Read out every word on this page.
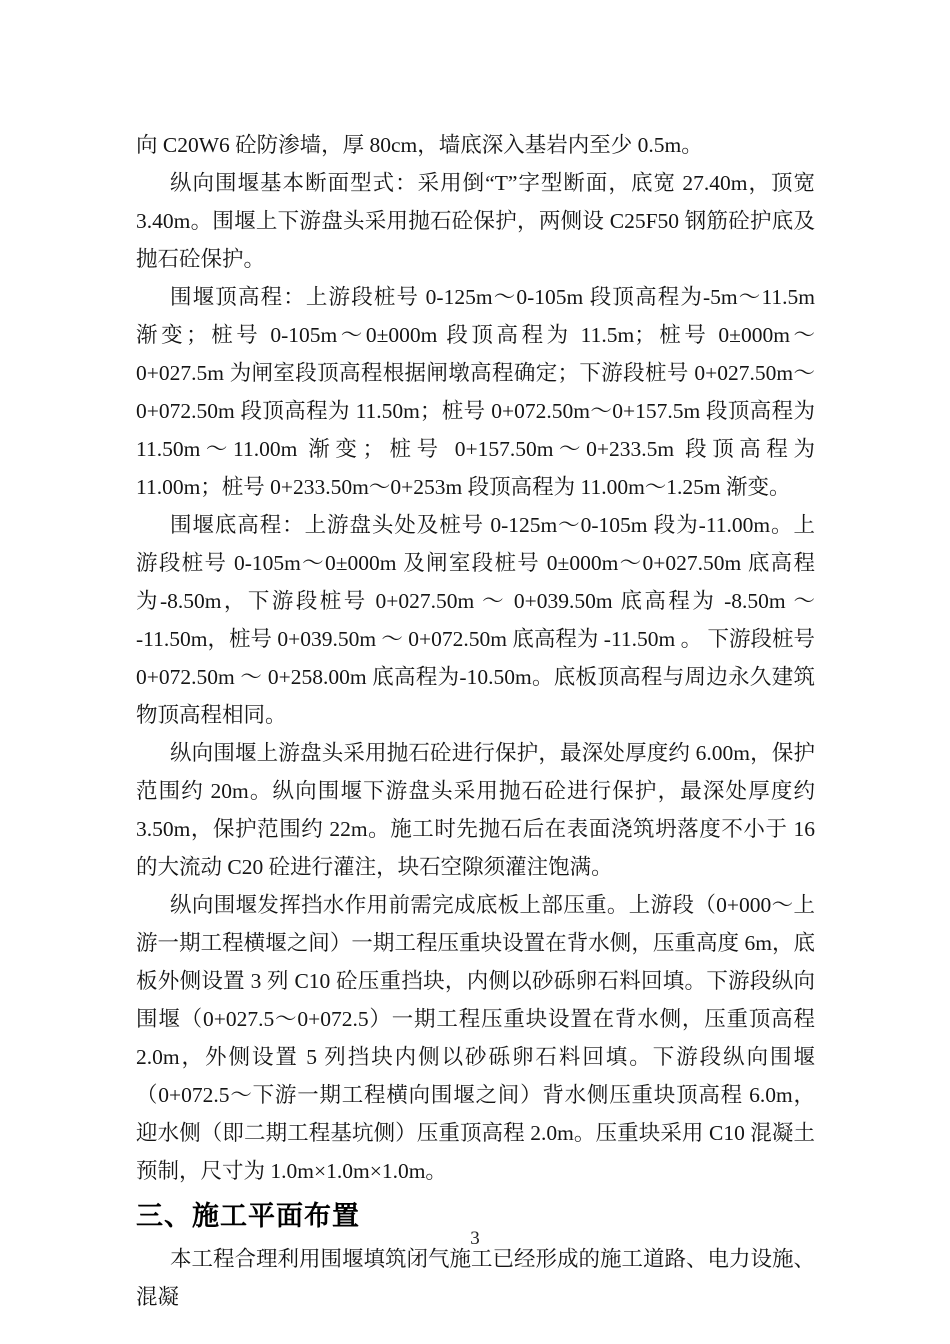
向 C20W6 砼防渗墙，厚 80cm，墙底深入基岩内至少 0.5m。

纵向围堰基本断面型式：采用倒“T”字型断面，底宽 27.40m，顶宽 3.40m。围堰上下游盘头采用抛石砼保护，两侧设 C25F50 钢筋砼护底及抛石砼保护。

围堰顶高程：上游段桩号 0-125m～0-105m 段顶高程为-5m～11.5m 渐变；桩号 0-105m～0±000m 段顶高程为 11.5m；桩号 0±000m～0+027.5m 为闸室段顶高程根据闸墩高程确定；下游段桩号 0+027.50m～0+072.50m 段顶高程为 11.50m；桩号 0+072.50m～0+157.5m 段顶高程为 11.50m～11.00m 渐变；桩号 0+157.50m～0+233.5m 段顶高程为 11.00m；桩号 0+233.50m～0+253m 段顶高程为 11.00m～1.25m 渐变。

围堰底高程：上游盘头处及桩号 0-125m～0-105m 段为-11.00m。上游段桩号 0-105m～0±000m 及闸室段桩号 0±000m～0+027.50m 底高程为-8.50m，下游段桩号 0+027.50m ～ 0+039.50m 底高程为 -8.50m ～ -11.50m，桩号 0+039.50m ～ 0+072.50m 底高程为 -11.50m 。 下游段桩号 0+072.50m ～ 0+258.00m 底高程为-10.50m。底板顶高程与周边永久建筑物顶高程相同。

纵向围堰上游盘头采用抛石砼进行保护，最深处厚度约 6.00m，保护范围约 20m。纵向围堰下游盘头采用抛石砼进行保护，最深处厚度约 3.50m，保护范围约 22m。施工时先抛石后在表面浇筑坍落度不小于 16 的大流动 C20 砼进行灌注，块石空隙须灌注饱满。

纵向围堰发挥挡水作用前需完成底板上部压重。上游段（0+000～上游一期工程横堰之间）一期工程压重块设置在背水侧，压重高度 6m，底板外侧设置 3 列 C10 砼压重挡块，内侧以砂砾卵石料回填。下游段纵向围堰（0+027.5～0+072.5）一期工程压重块设置在背水侧，压重顶高程 2.0m，外侧设置 5 列挡块内侧以砂砾卵石料回填。下游段纵向围堰（0+072.5～下游一期工程横向围堰之间）背水侧压重块顶高程 6.0m，迎水侧（即二期工程基坑侧）压重顶高程 2.0m。压重块采用 C10 混凝土预制，尺寸为 1.0m×1.0m×1.0m。

三、施工平面布置

本工程合理利用围堰填筑闭气施工已经形成的施工道路、电力设施、混凝

3
